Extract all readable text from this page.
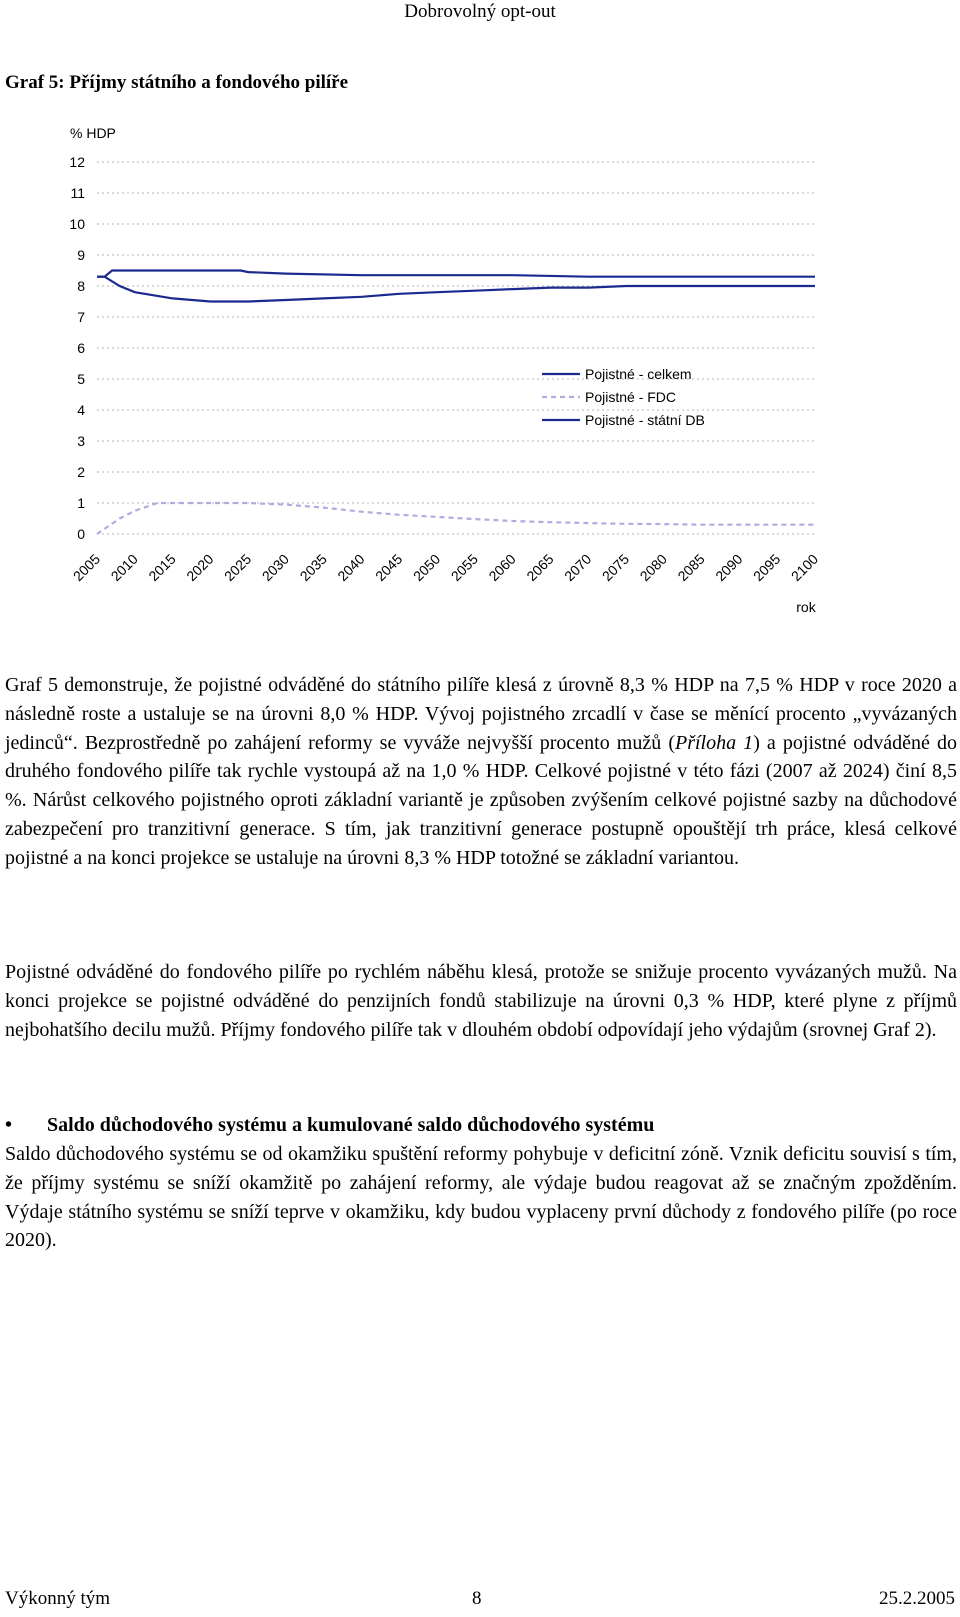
Dobrovolný opt-out
Graf 5: Příjmy státního a fondového pilíře
% HDP
rok
0
1
2
3
4
5
6
7
8
9
10
11
12
2005 2010 2015 2020 2025 2030 2035 2040 2045 2050 2055 2060 2065 2070 2075 2080 2085 2090 2095 2100
Pojistné - celkem
Pojistné - FDC
Pojistné - státní DB

Graf 5 demonstruje, že pojistné odváděné do státního pilíře klesá z úrovně 8,3 % HDP na 7,5 % HDP v roce 2020 a následně roste a ustaluje se na úrovni 8,0 % HDP. Vývoj pojistného zrcadlí v čase se měnící procento „vyvázaných jedinců“. Bezprostředně po zahájení reformy se vyváže nejvyšší procento mužů (Příloha 1) a pojistné odváděné do druhého fondového pilíře tak rychle vystoupá až na 1,0 % HDP. Celkové pojistné v této fázi (2007 až 2024) činí 8,5 %. Nárůst celkového pojistného oproti základní variantě je způsoben zvýšením celkové pojistné sazby na důchodové zabezpečení pro tranzitivní generace. S tím, jak tranzitivní generace postupně opouštějí trh práce, klesá celkové pojistné a na konci projekce se ustaluje na úrovni 8,3 % HDP totožné se základní variantou.

Pojistné odváděné do fondového pilíře po rychlém náběhu klesá, protože se snižuje procento vyvázaných mužů. Na konci projekce se pojistné odváděné do penzijních fondů stabilizuje na úrovni 0,3 % HDP, které plyne z příjmů nejbohatšího decilu mužů. Příjmy fondového pilíře tak v dlouhém období odpovídají jeho výdajům (srovnej Graf 2).

• Saldo důchodového systému a kumulované saldo důchodového systému

Saldo důchodového systému se od okamžiku spuštění reformy pohybuje v deficitní zóně. Vznik deficitu souvisí s tím, že příjmy systému se sníží okamžitě po zahájení reformy, ale výdaje budou reagovat až se značným zpožděním. Výdaje státního systému se sníží teprve v okamžiku, kdy budou vyplaceny první důchody z fondového pilíře (po roce 2020).

Výkonný tým	8	25.2.2005
